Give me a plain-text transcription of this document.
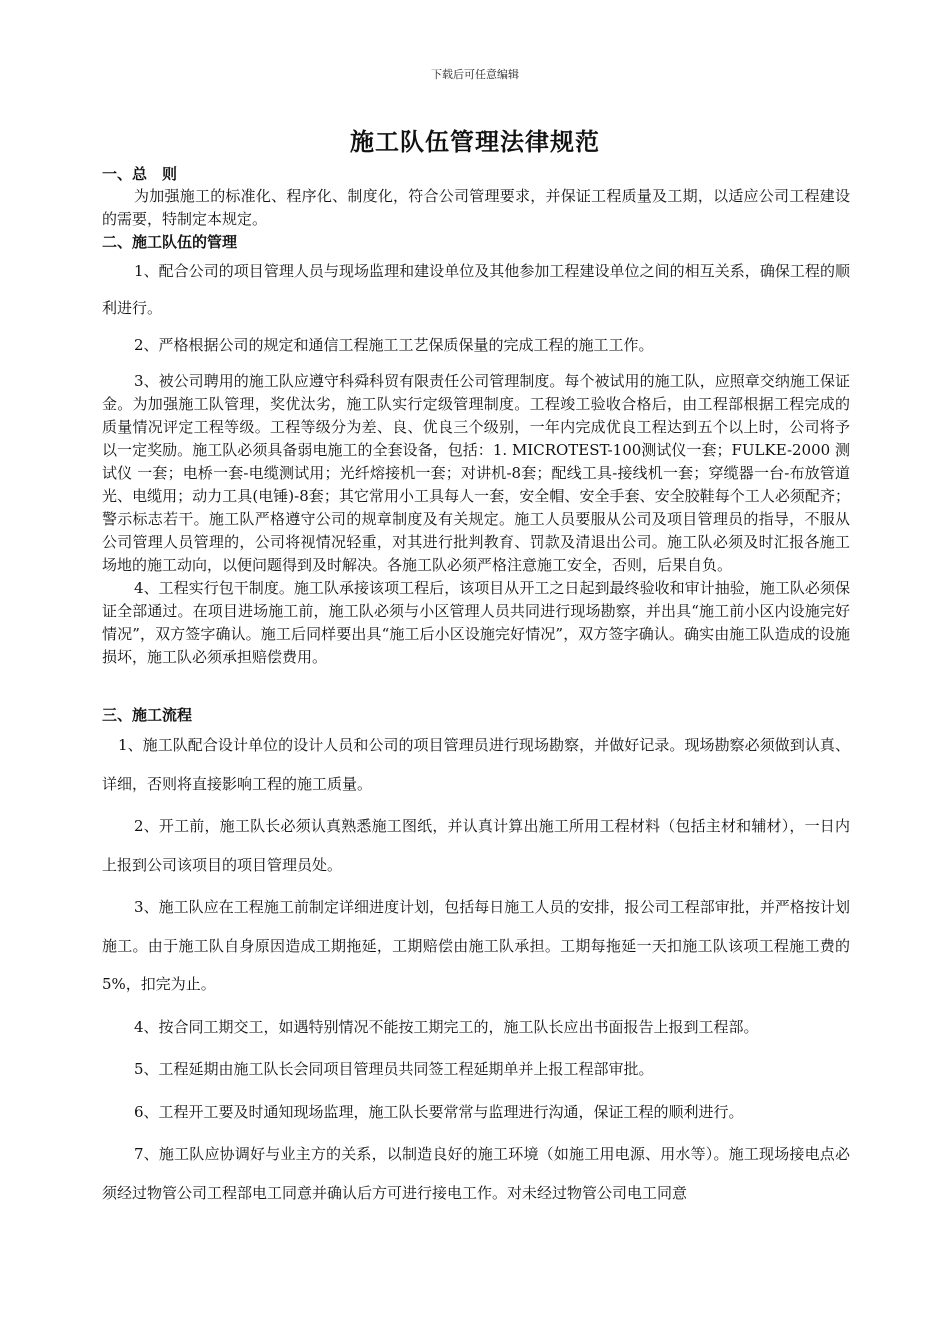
下载后可任意编辑
施工队伍管理法律规范

一、总　则

为加强施工的标准化、程序化、制度化，符合公司管理要求，并保证工程质量及工期，以适应公司工程建设的需要，特制定本规定。

二、施工队伍的管理

1、配合公司的项目管理人员与现场监理和建设单位及其他参加工程建设单位之间的相互关系，确保工程的顺利进行。

2、严格根据公司的规定和通信工程施工工艺保质保量的完成工程的施工工作。

3、被公司聘用的施工队应遵守科舜科贸有限责任公司管理制度。每个被试用的施工队，应照章交纳施工保证金。为加强施工队管理，奖优汰劣，施工队实行定级管理制度。工程竣工验收合格后，由工程部根据工程完成的质量情况评定工程等级。工程等级分为差、良、优良三个级别，一年内完成优良工程达到五个以上时，公司将予以一定奖励。施工队必须具备弱电施工的全套设备，包括：1. MICROTEST-100测试仪一套；FULKE-2000 测试仪 一套；电桥一套-电缆测试用；光纤熔接机一套；对讲机-8套；配线工具-接线机一套；穿缆器一台-布放管道光、电缆用；动力工具(电锤)-8套；其它常用小工具每人一套，安全帽、安全手套、安全胶鞋每个工人必须配齐；警示标志若干。施工队严格遵守公司的规章制度及有关规定。施工人员要服从公司及项目管理员的指导，不服从公司管理人员管理的，公司将视情况轻重，对其进行批判教育、罚款及清退出公司。施工队必须及时汇报各施工场地的施工动向，以便问题得到及时解决。各施工队必须严格注意施工安全，否则，后果自负。

4、工程实行包干制度。施工队承接该项工程后，该项目从开工之日起到最终验收和审计抽验，施工队必须保证全部通过。在项目进场施工前，施工队必须与小区管理人员共同进行现场勘察，并出具“施工前小区内设施完好情况”，双方签字确认。施工后同样要出具“施工后小区设施完好情况”，双方签字确认。确实由施工队造成的设施损坏，施工队必须承担赔偿费用。

三、施工流程

1、施工队配合设计单位的设计人员和公司的项目管理员进行现场勘察，并做好记录。现场勘察必须做到认真、详细，否则将直接影响工程的施工质量。

2、开工前，施工队长必须认真熟悉施工图纸，并认真计算出施工所用工程材料（包括主材和辅材），一日内上报到公司该项目的项目管理员处。

3、施工队应在工程施工前制定详细进度计划，包括每日施工人员的安排，报公司工程部审批，并严格按计划施工。由于施工队自身原因造成工期拖延，工期赔偿由施工队承担。工期每拖延一天扣施工队该项工程施工费的5%，扣完为止。

4、按合同工期交工，如遇特别情况不能按工期完工的，施工队长应出书面报告上报到工程部。

5、工程延期由施工队长会同项目管理员共同签工程延期单并上报工程部审批。

6、工程开工要及时通知现场监理，施工队长要常常与监理进行沟通，保证工程的顺利进行。

7、施工队应协调好与业主方的关系，以制造良好的施工环境（如施工用电源、用水等）。施工现场接电点必须经过物管公司工程部电工同意并确认后方可进行接电工作。对未经过物管公司电工同意
